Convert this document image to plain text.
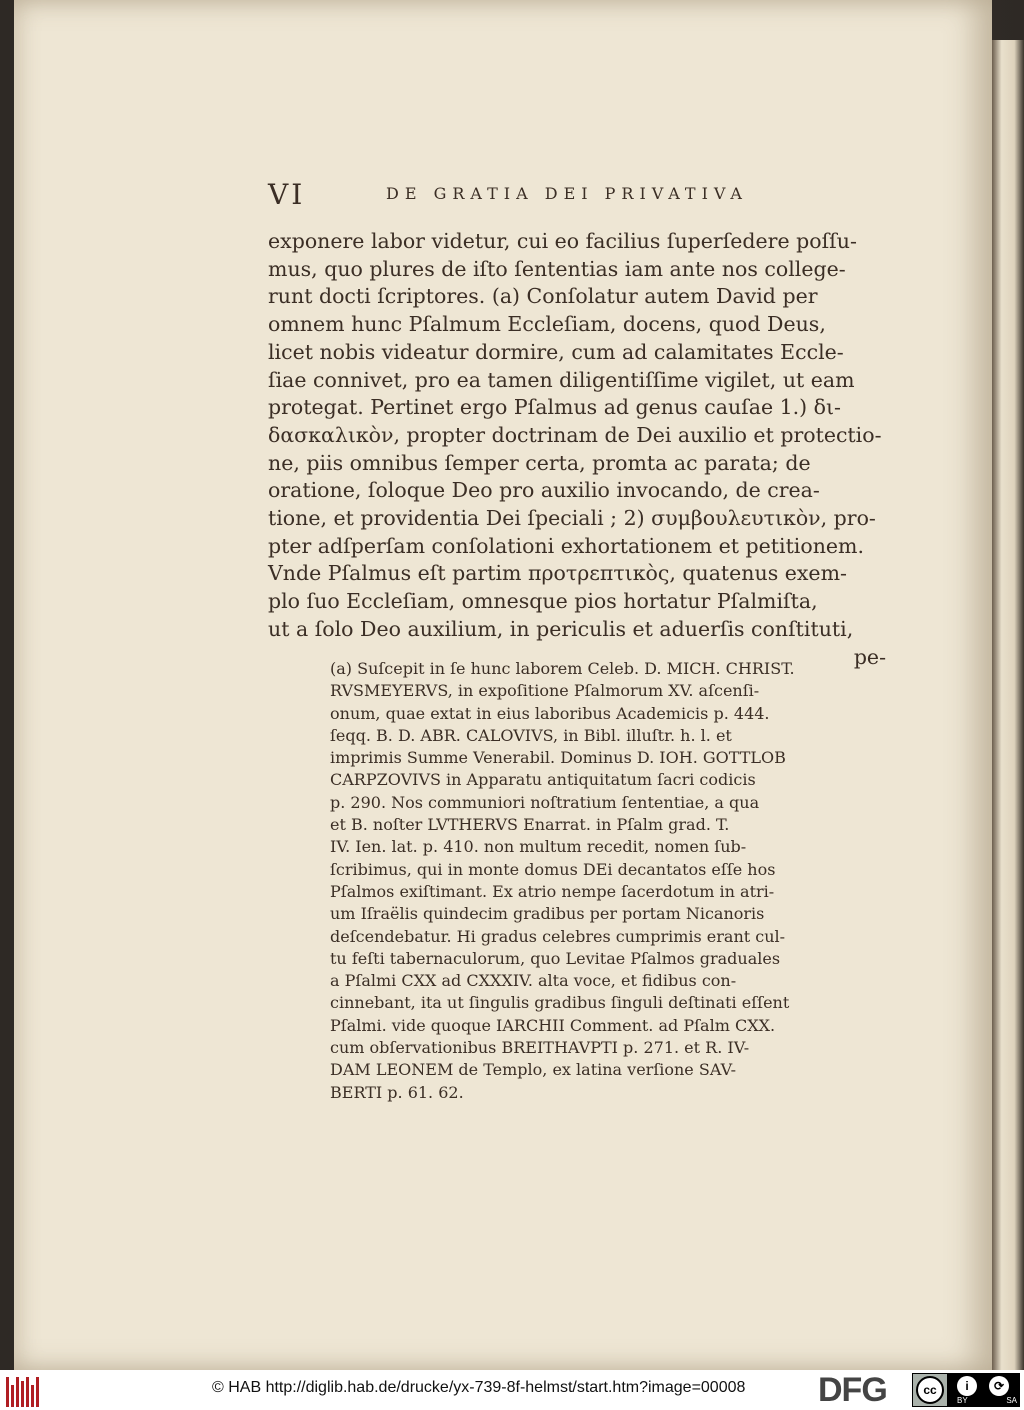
VI	DE GRATIA DEI PRIVATIVA

exponere labor videtur, cui eo facilius ſuperſedere poſſu-

mus, quo plures de iſto ſententias iam ante nos college-

runt docti ſcriptores. (a) Conſolatur autem David per

omnem hunc Pſalmum Eccleſiam, docens, quod Deus,

licet nobis videatur dormire, cum ad calamitates Eccle-

ſiae connivet, pro ea tamen diligentiſſime vigilet, ut eam

protegat. Pertinet ergo Pſalmus ad genus cauſae 1.) δι-

δασκαλικὸν, propter doctrinam de Dei auxilio et protectio-

ne, piis omnibus ſemper certa, promta ac parata; de

oratione, ſoloque Deo pro auxilio invocando, de crea-

tione, et providentia Dei ſpeciali ; 2) συμβουλευτικὸν, pro-

pter adſperſam conſolationi exhortationem et petitionem.

Vnde Pſalmus eſt partim προτρεπτικὸς, quatenus exem-

plo ſuo Eccleſiam, omnesque pios hortatur Pſalmiſta,

ut a ſolo Deo auxilium, in periculis et aduerſis conſtituti,

pe-

(a) Suſcepit in ſe hunc laborem Celeb. D. MICH. CHRIST.

RVSMEYERVS, in expoſitione Pſalmorum XV. aſcenſi-

onum, quae extat in eius laboribus Academicis p. 444.

ſeqq. B. D. ABR. CALOVIVS, in Bibl. illuſtr. h. l. et

imprimis Summe Venerabil. Dominus D. IOH. GOTTLOB

CARPZOVIVS in Apparatu antiquitatum ſacri codicis

p. 290. Nos communiori noſtratium ſententiae, a qua

et B. noſter LVTHERVS Enarrat. in Pſalm grad. T.

IV. Ien. lat. p. 410. non multum recedit, nomen ſub-

ſcribimus, qui in monte domus DEi decantatos eſſe hos

Pſalmos exiſtimant. Ex atrio nempe ſacerdotum in atri-

um Iſraëlis quindecim gradibus per portam Nicanoris

deſcendebatur. Hi gradus celebres cumprimis erant cul-

tu feſti tabernaculorum, quo Levitae Pſalmos graduales

a Pſalmi CXX ad CXXXIV. alta voce, et fidibus con-

cinnebant, ita ut ſingulis gradibus ſinguli deſtinati eſſent

Pſalmi. vide quoque IARCHII Comment. ad Pſalm CXX.

cum obſervationibus BREITHAVPTI p. 271. et R. IV-

DAM LEONEM de Templo, ex latina verſione SAV-

BERTI p. 61. 62.

© HAB http://diglib.hab.de/drucke/yx-739-8f-helmst/start.htm?image=00008 DFG	cc	i	⟳
BY	SA
